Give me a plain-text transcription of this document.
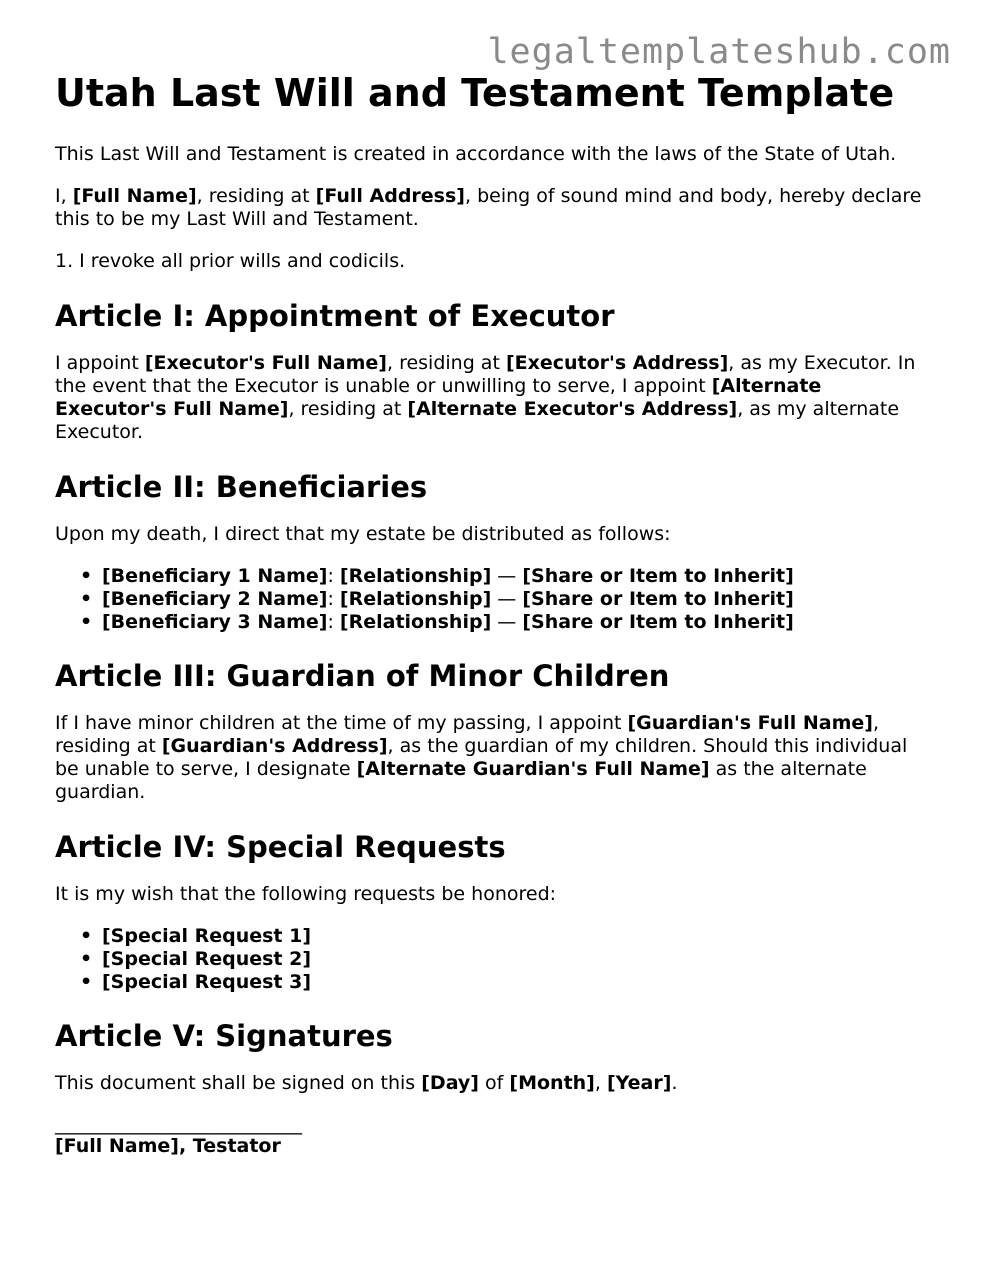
legaltemplateshub.com
Utah Last Will and Testament Template

This Last Will and Testament is created in accordance with the laws of the State of Utah.

I, [Full Name], residing at [Full Address], being of sound mind and body, hereby declare this to be my Last Will and Testament.

1. I revoke all prior wills and codicils.

Article I: Appointment of Executor

I appoint [Executor's Full Name], residing at [Executor's Address], as my Executor. In the event that the Executor is unable or unwilling to serve, I appoint [Alternate Executor's Full Name], residing at [Alternate Executor's Address], as my alternate Executor.

Article II: Beneficiaries

Upon my death, I direct that my estate be distributed as follows:

• [Beneficiary 1 Name]: [Relationship] — [Share or Item to Inherit]
• [Beneficiary 2 Name]: [Relationship] — [Share or Item to Inherit]
• [Beneficiary 3 Name]: [Relationship] — [Share or Item to Inherit]
Article III: Guardian of Minor Children

If I have minor children at the time of my passing, I appoint [Guardian's Full Name], residing at [Guardian's Address], as the guardian of my children. Should this individual be unable to serve, I designate [Alternate Guardian's Full Name] as the alternate guardian.

Article IV: Special Requests

It is my wish that the following requests be honored:

• [Special Request 1]
• [Special Request 2]
• [Special Request 3]
Article V: Signatures

This document shall be signed on this [Day] of [Month], [Year].

__________________________

[Full Name], Testator
